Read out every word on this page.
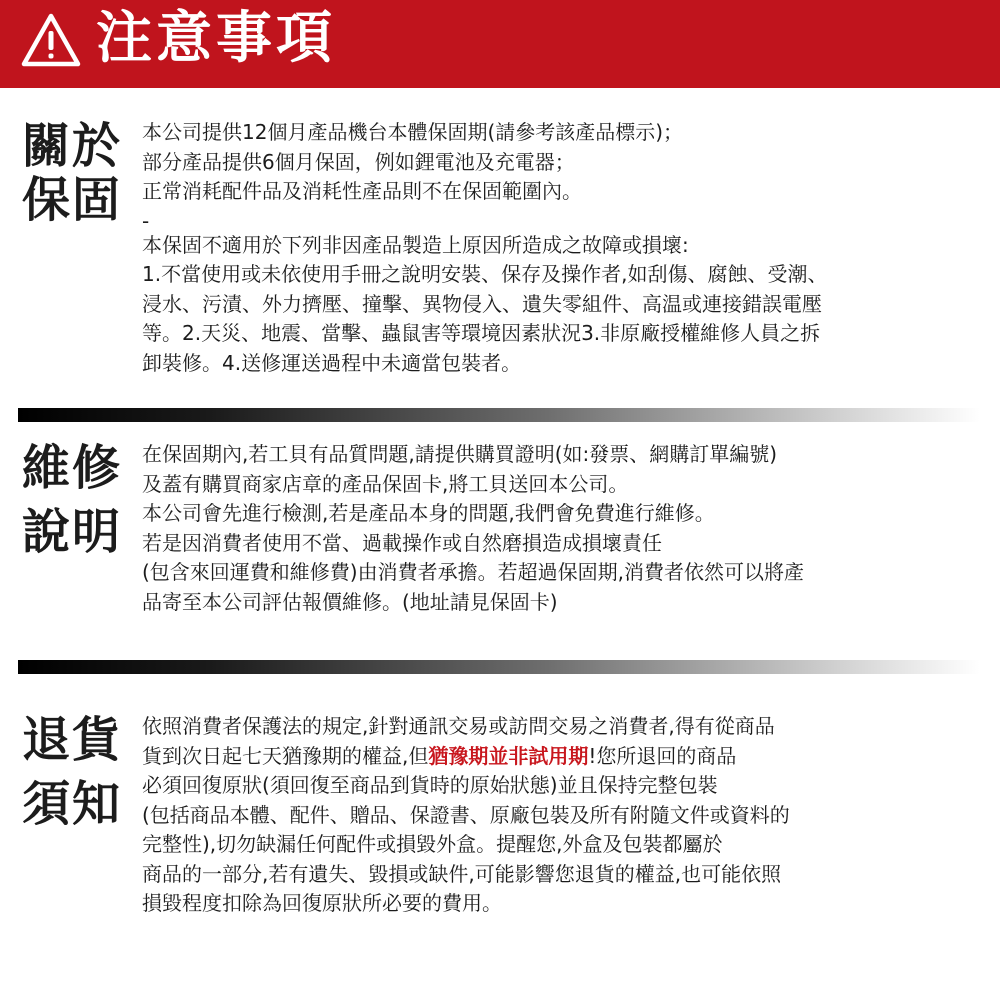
注意事項
關於
保固
本公司提供12個月產品機台本體保固期(請參考該產品標示)；
部分產品提供6個月保固，例如鋰電池及充電器；
正常消耗配件品及消耗性產品則不在保固範圍內。
-
本保固不適用於下列非因產品製造上原因所造成之故障或損壞:
1.不當使用或未依使用手冊之說明安裝、保存及操作者,如刮傷、腐蝕、受潮、
浸水、污漬、外力擠壓、撞擊、異物侵入、遺失零組件、高温或連接錯誤電壓
等。2.天災、地震、當擊、蟲鼠害等環境因素狀況3.非原廠授權維修人員之拆
卸裝修。4.送修運送過程中未適當包裝者。
維修
說明
在保固期內,若工貝有品質問題,請提供購買證明(如:發票、網購訂單編號)
及蓋有購買商家店章的產品保固卡,將工貝送回本公司。
本公司會先進行檢測,若是產品本身的問題,我們會免費進行維修。
若是因消費者使用不當、過載操作或自然磨損造成損壞責任
(包含來回運費和維修費)由消費者承擔。若超過保固期,消費者依然可以將產
品寄至本公司評估報價維修。(地址請見保固卡)
退貨
須知
依照消費者保護法的規定,針對通訊交易或訪問交易之消費者,得有從商品
貨到次日起七天猶豫期的權益,但猶豫期並非試用期!您所退回的商品
必須回復原狀(須回復至商品到貨時的原始狀態)並且保持完整包裝
(包括商品本體、配件、贈品、保證書、原廠包裝及所有附隨文件或資料的
完整性),切勿缺漏任何配件或損毀外盒。提醒您,外盒及包裝都屬於
商品的一部分,若有遺失、毀損或缺件,可能影響您退貨的權益,也可能依照
損毀程度扣除為回復原狀所必要的費用。
